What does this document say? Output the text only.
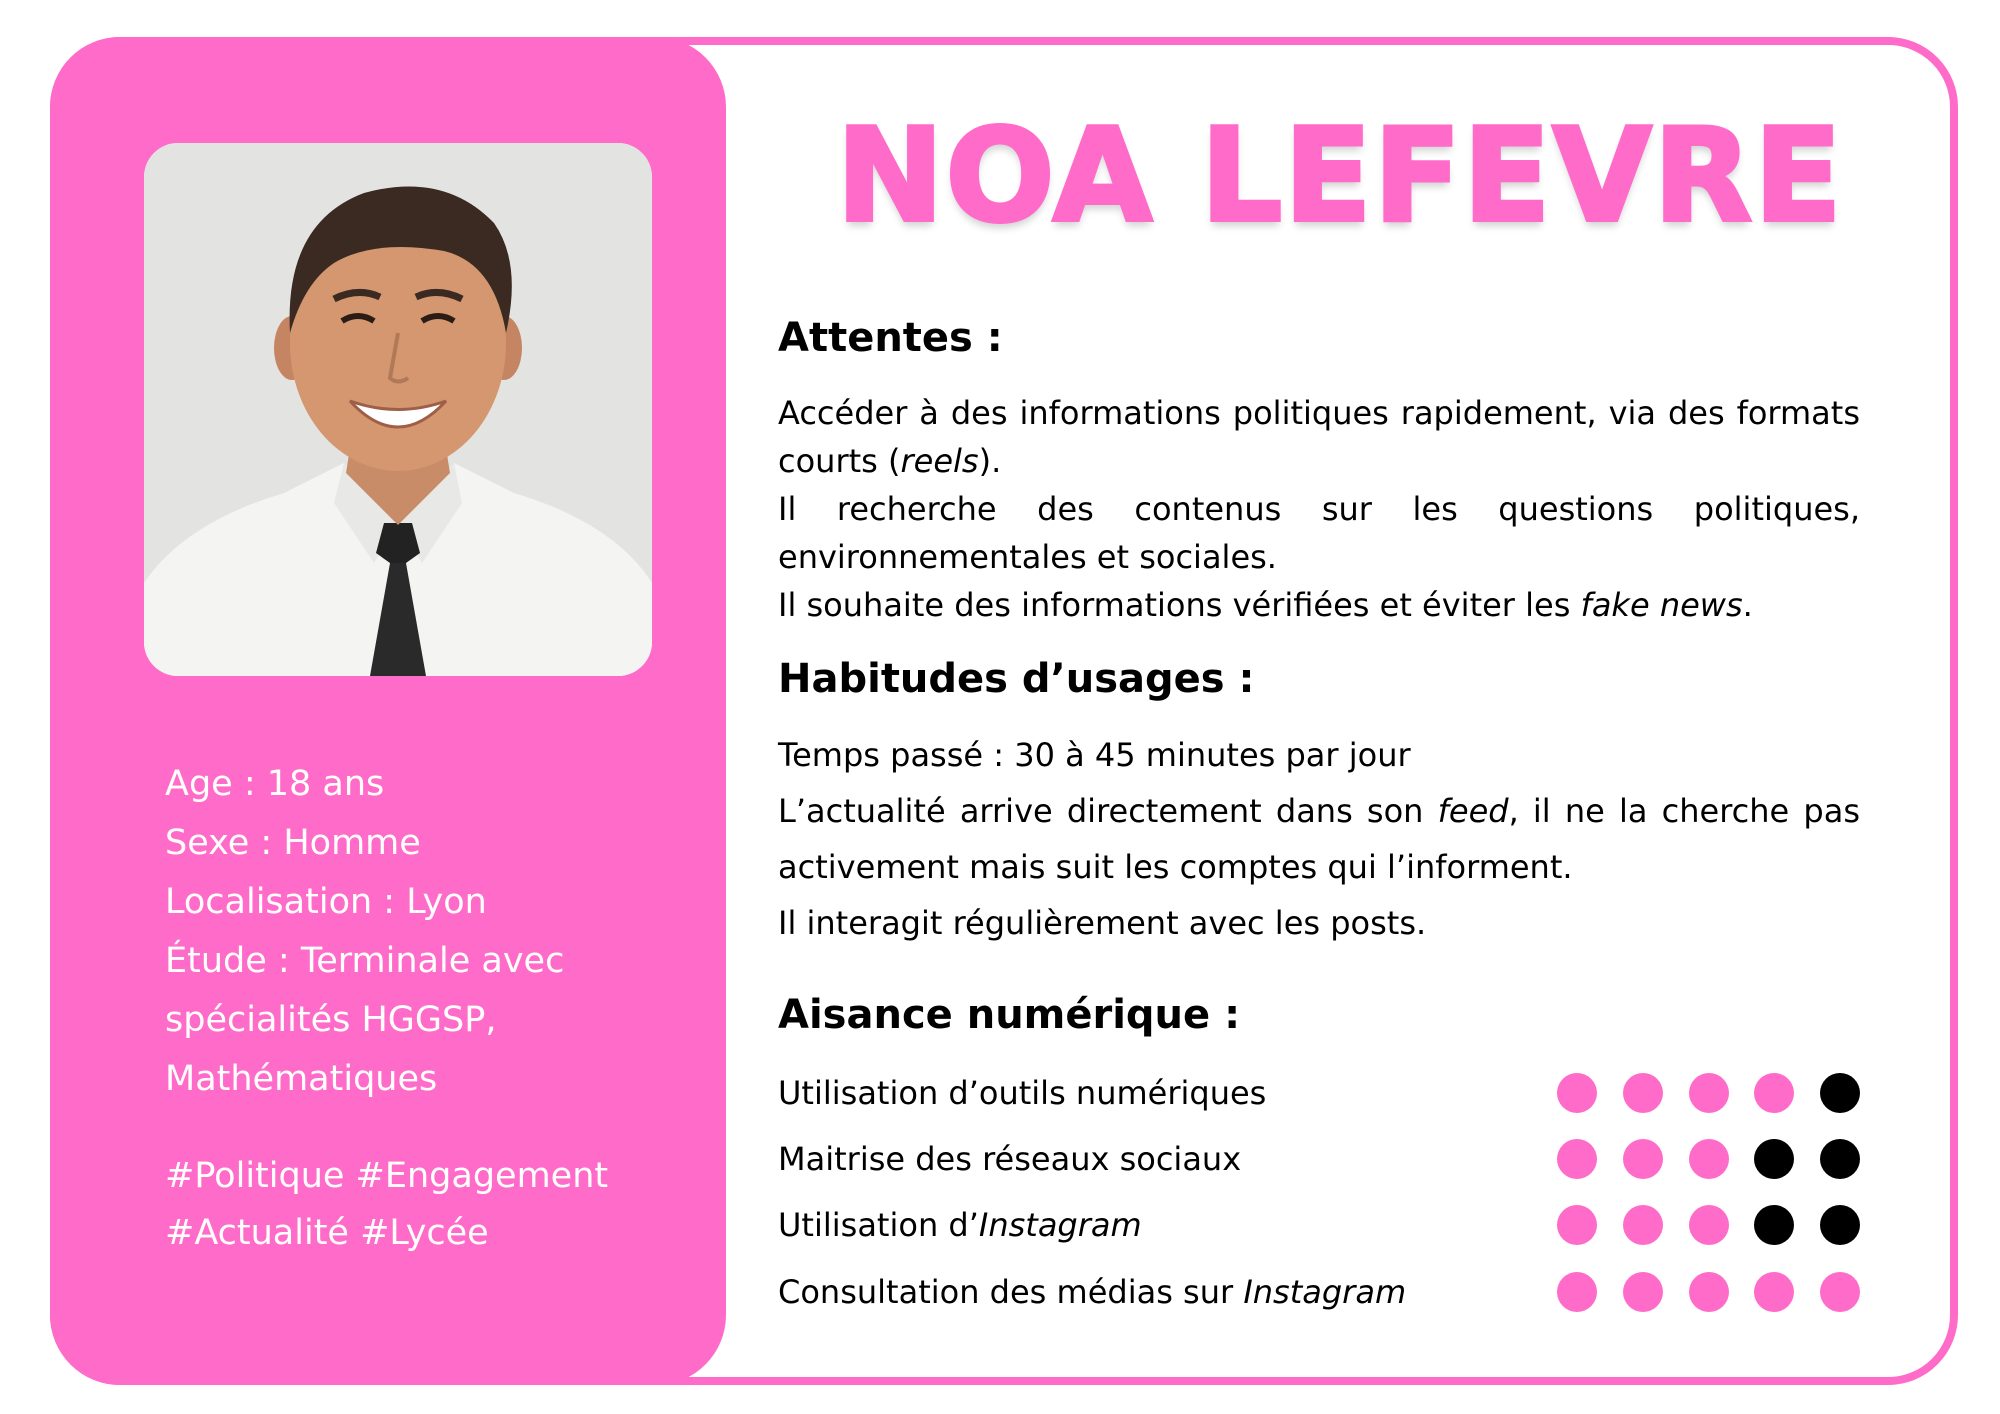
Age : 18 ans
Sexe : Homme
Localisation : Lyon
Étude : Terminale avec
spécialités HGGSP,
Mathématiques
#Politique #Engagement
#Actualité #Lycée
NOA LEFEVRE
Attentes :

Accéder à des informations politiques rapidement, via des formats courts (reels).

Il recherche des contenus sur les questions politiques, environnementales et sociales.

Il souhaite des informations vérifiées et éviter les fake news.

Habitudes d’usages :

Temps passé : 30 à 45 minutes par jour

L’actualité arrive directement dans son feed, il ne la cherche pas activement mais suit les comptes qui l’informent.

Il interagit régulièrement avec les posts.

Aisance numérique :
Utilisation d’outils numériques
Maitrise des réseaux sociaux
Utilisation d’Instagram
Consultation des médias sur Instagram
